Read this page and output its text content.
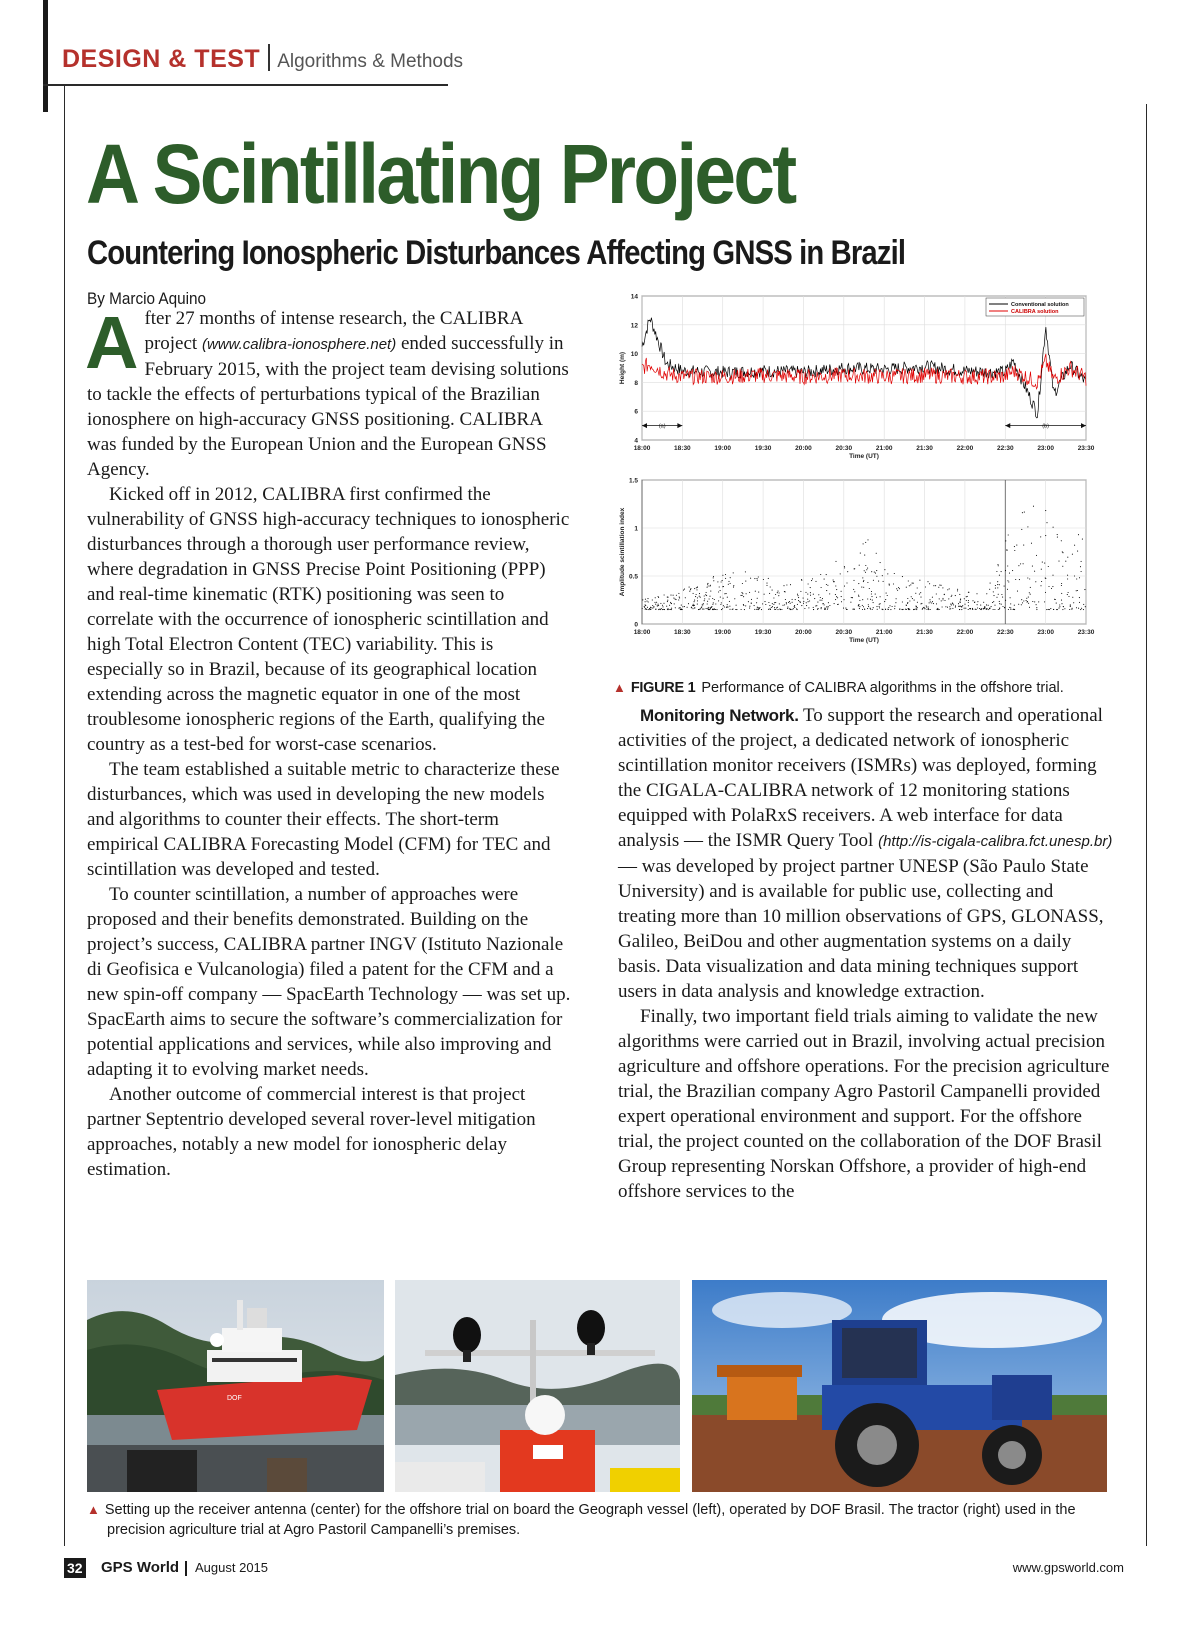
DESIGN & TEST Algorithms & Methods
A Scintillating Project
Countering Ionospheric Disturbances Affecting GNSS in Brazil
By Marcio Aquino

After 27 months of intense research, the CALIBRA project (www.calibra-ionosphere.net) ended successfully in February 2015, with the project team devising solutions to tackle the effects of perturbations typical of the Brazilian ionosphere on high-accuracy GNSS positioning. CALIBRA was funded by the European Union and the European GNSS Agency.

Kicked off in 2012, CALIBRA first confirmed the vulnerability of GNSS high-accuracy techniques to ionospheric disturbances through a thorough user performance review, where degradation in GNSS Precise Point Positioning (PPP) and real-time kinematic (RTK) positioning was seen to correlate with the occurrence of ionospheric scintillation and high Total Electron Content (TEC) variability. This is especially so in Brazil, because of its geographical location extending across the magnetic equator in one of the most troublesome ionospheric regions of the Earth, qualifying the country as a test-bed for worst-case scenarios.

The team established a suitable metric to characterize these disturbances, which was used in developing the new models and algorithms to counter their effects. The short-term empirical CALIBRA Forecasting Model (CFM) for TEC and scintillation was developed and tested.

To counter scintillation, a number of approaches were proposed and their benefits demonstrated. Building on the project’s success, CALIBRA partner INGV (Istituto Nazionale di Geofisica e Vulcanologia) filed a patent for the CFM and a new spin-off company — SpacEarth Technology — was set up. SpacEarth aims to secure the software’s commercialization for potential applications and services, while also improving and adapting it to evolving market needs.

Another outcome of commercial interest is that project partner Septentrio developed several rover-level mitigation approaches, notably a new model for ionospheric delay estimation.

18:00	18:30	19:00	19:30	20:00	20:30	21:00	21:30	22:00	22:30	23:00	23:30
4
6
8
10
12
14
Time (UT)
Height (m)
Conventional solution
CALIBRA solution
(a)	(b)
18:00	18:30	19:00	19:30	20:00	20:30	21:00	21:30	22:00	22:30	23:00	23:30
0
0.5
1
1.5
Time (UT)
Amplitude scintillation index
▲ FIGURE 1 Performance of CALIBRA algorithms in the offshore trial.

Monitoring Network. To support the research and operational activities of the project, a dedicated network of ionospheric scintillation monitor receivers (ISMRs) was deployed, forming the CIGALA-CALIBRA network of 12 monitoring stations equipped with PolaRxS receivers. A web interface for data analysis — the ISMR Query Tool (http://is-cigala-calibra.fct.unesp.br) — was developed by project partner UNESP (São Paulo State University) and is available for public use, collecting and treating more than 10 million observations of GPS, GLONASS, Galileo, BeiDou and other augmentation systems on a daily basis. Data visualization and data mining techniques support users in data analysis and knowledge extraction.

Finally, two important field trials aiming to validate the new algorithms were carried out in Brazil, involving actual precision agriculture and offshore operations. For the precision agriculture trial, the Brazilian company Agro Pastoril Campanelli provided expert operational environment and support. For the offshore trial, the project counted on the collaboration of the DOF Brasil Group representing Norskan Offshore, a provider of high-end offshore services to the

DOF
▲ Setting up the receiver antenna (center) for the offshore trial on board the Geograph vessel (left), operated by DOF Brasil. The tractor (right) used in the precision agriculture trial at Agro Pastoril Campanelli’s premises.
32 GPS World August 2015	www.gpsworld.com
